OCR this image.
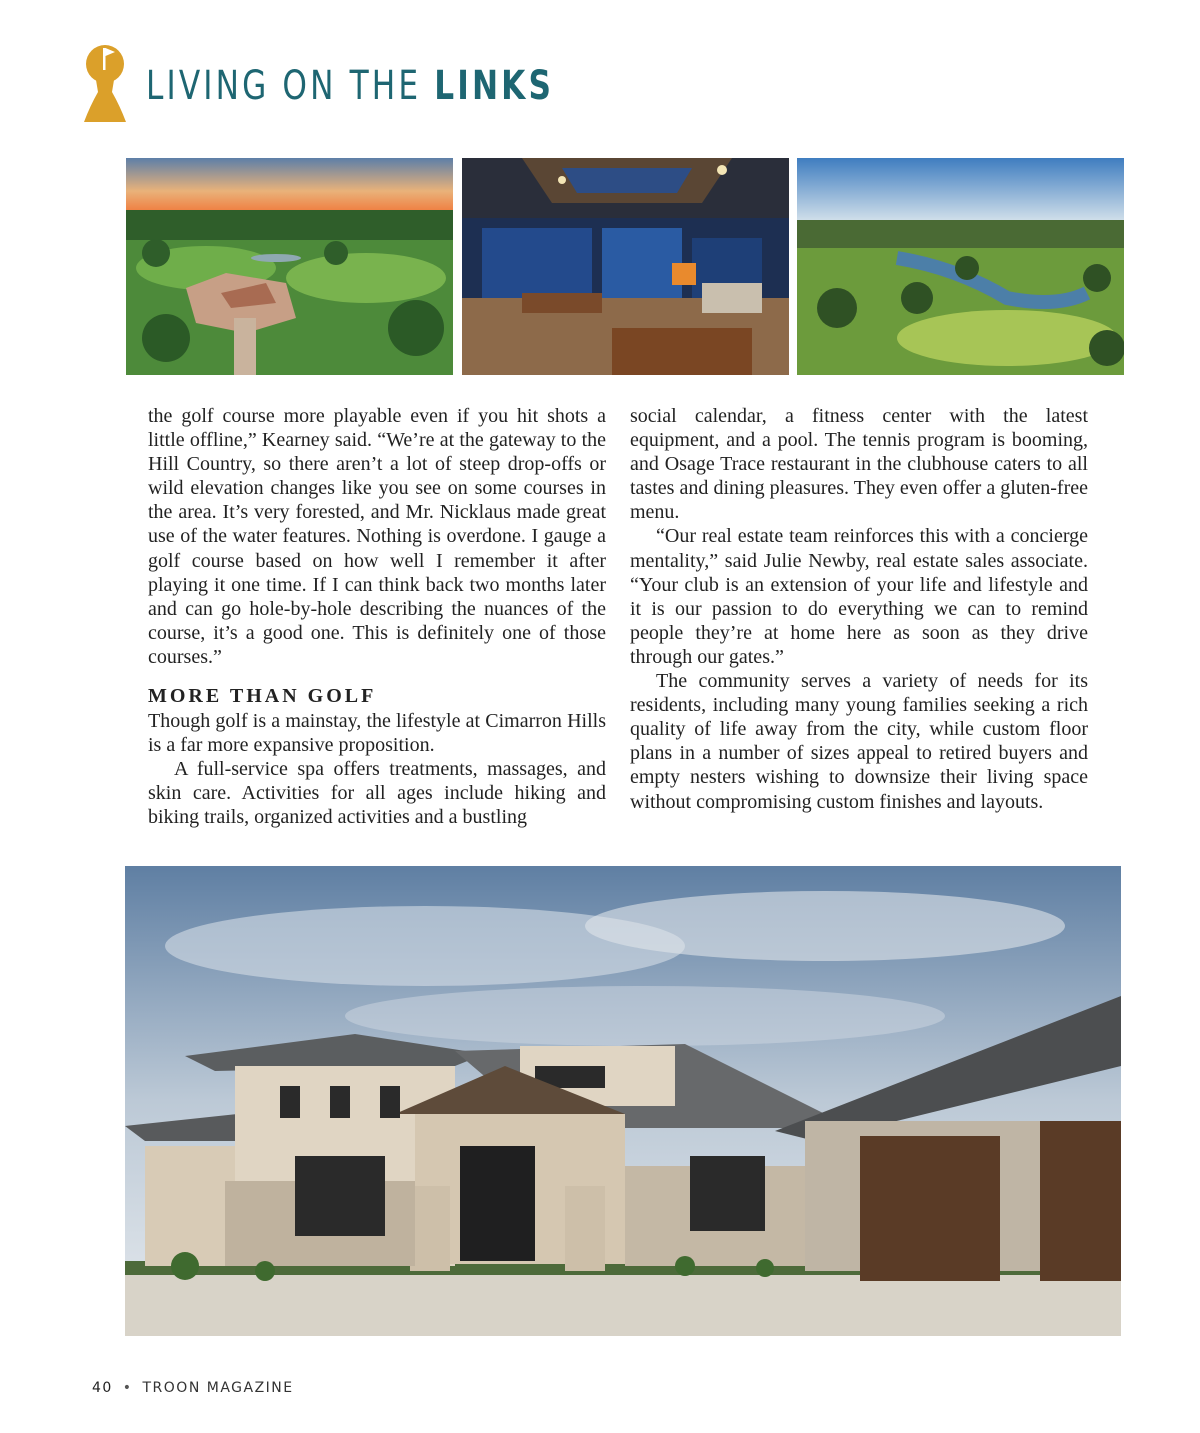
LIVING ON THE LINKS

the golf course more playable even if you hit shots a little offline,” Kearney said. “We’re at the gateway to the Hill Country, so there aren’t a lot of steep drop-offs or wild elevation changes like you see on some courses in the area. It’s very forested, and Mr. Nicklaus made great use of the water features. Nothing is overdone. I gauge a golf course based on how well I remember it after playing it one time. If I can think back two months later and can go hole-by-hole describing the nuances of the course, it’s a good one. This is definitely one of those courses.”

MORE THAN GOLF

Though golf is a mainstay, the lifestyle at Cimarron Hills is a far more expansive proposition.

A full-service spa offers treatments, massages, and skin care. Activities for all ages include hiking and biking trails, organized activities and a bustling

social calendar, a fitness center with the latest equipment, and a pool. The tennis program is booming, and Osage Trace restaurant in the clubhouse caters to all tastes and dining pleasures. They even offer a gluten-free menu.

“Our real estate team reinforces this with a concierge mentality,” said Julie Newby, real estate sales associate. “Your club is an extension of your life and lifestyle and it is our passion to do everything we can to remind people they’re at home here as soon as they drive through our gates.”

The community serves a variety of needs for its residents, including many young families seeking a rich quality of life away from the city, while custom floor plans in a number of sizes appeal to retired buyers and empty nesters wishing to downsize their living space without compromising custom finishes and layouts.

40 • TROON MAGAZINE
